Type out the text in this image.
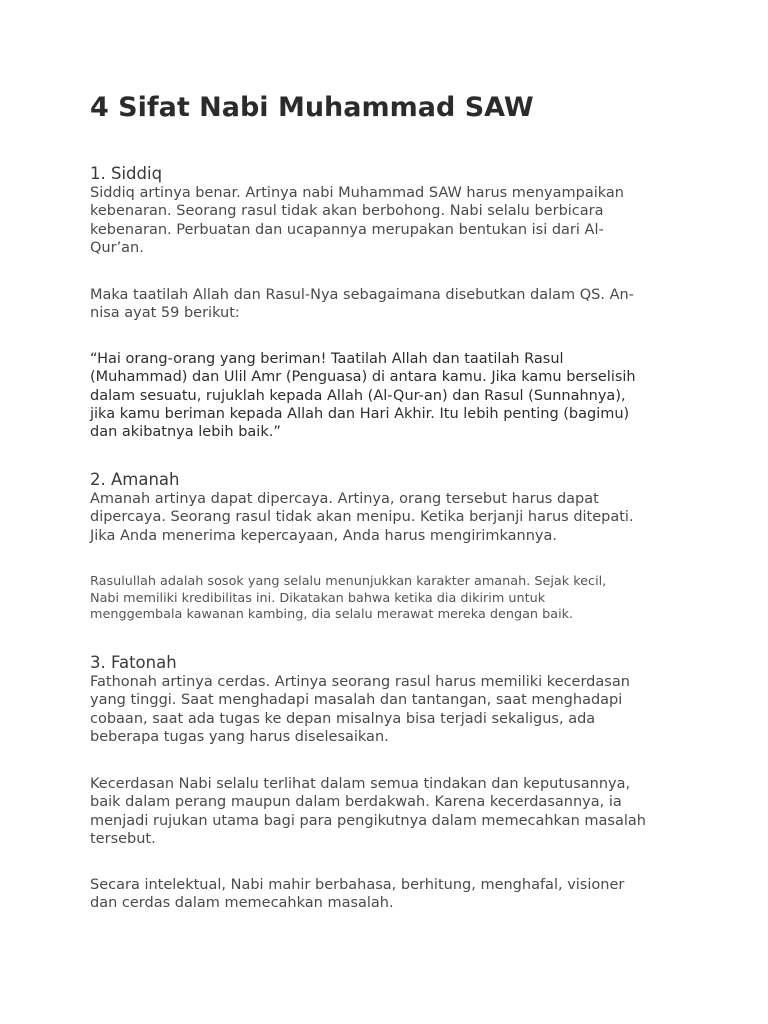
4 Sifat Nabi Muhammad SAW
1. Siddiq

Siddiq artinya benar. Artinya nabi Muhammad SAW harus menyampaikan
kebenaran. Seorang rasul tidak akan berbohong. Nabi selalu berbicara
kebenaran. Perbuatan dan ucapannya merupakan bentukan isi dari Al-
Qur’an.

Maka taatilah Allah dan Rasul-Nya sebagaimana disebutkan dalam QS. An-
nisa ayat 59 berikut:

“Hai orang-orang yang beriman! Taatilah Allah dan taatilah Rasul
(Muhammad) dan Ulil Amr (Penguasa) di antara kamu. Jika kamu berselisih
dalam sesuatu, rujuklah kepada Allah (Al-Qur-an) dan Rasul (Sunnahnya),
jika kamu beriman kepada Allah dan Hari Akhir. Itu lebih penting (bagimu)
dan akibatnya lebih baik.”

2. Amanah

Amanah artinya dapat dipercaya. Artinya, orang tersebut harus dapat
dipercaya. Seorang rasul tidak akan menipu. Ketika berjanji harus ditepati.
Jika Anda menerima kepercayaan, Anda harus mengirimkannya.

Rasulullah adalah sosok yang selalu menunjukkan karakter amanah. Sejak kecil,
Nabi memiliki kredibilitas ini. Dikatakan bahwa ketika dia dikirim untuk
menggembala kawanan kambing, dia selalu merawat mereka dengan baik.

3. Fatonah

Fathonah artinya cerdas. Artinya seorang rasul harus memiliki kecerdasan
yang tinggi. Saat menghadapi masalah dan tantangan, saat menghadapi
cobaan, saat ada tugas ke depan misalnya bisa terjadi sekaligus, ada
beberapa tugas yang harus diselesaikan.

Kecerdasan Nabi selalu terlihat dalam semua tindakan dan keputusannya,
baik dalam perang maupun dalam berdakwah. Karena kecerdasannya, ia
menjadi rujukan utama bagi para pengikutnya dalam memecahkan masalah
tersebut.

Secara intelektual, Nabi mahir berbahasa, berhitung, menghafal, visioner
dan cerdas dalam memecahkan masalah.
